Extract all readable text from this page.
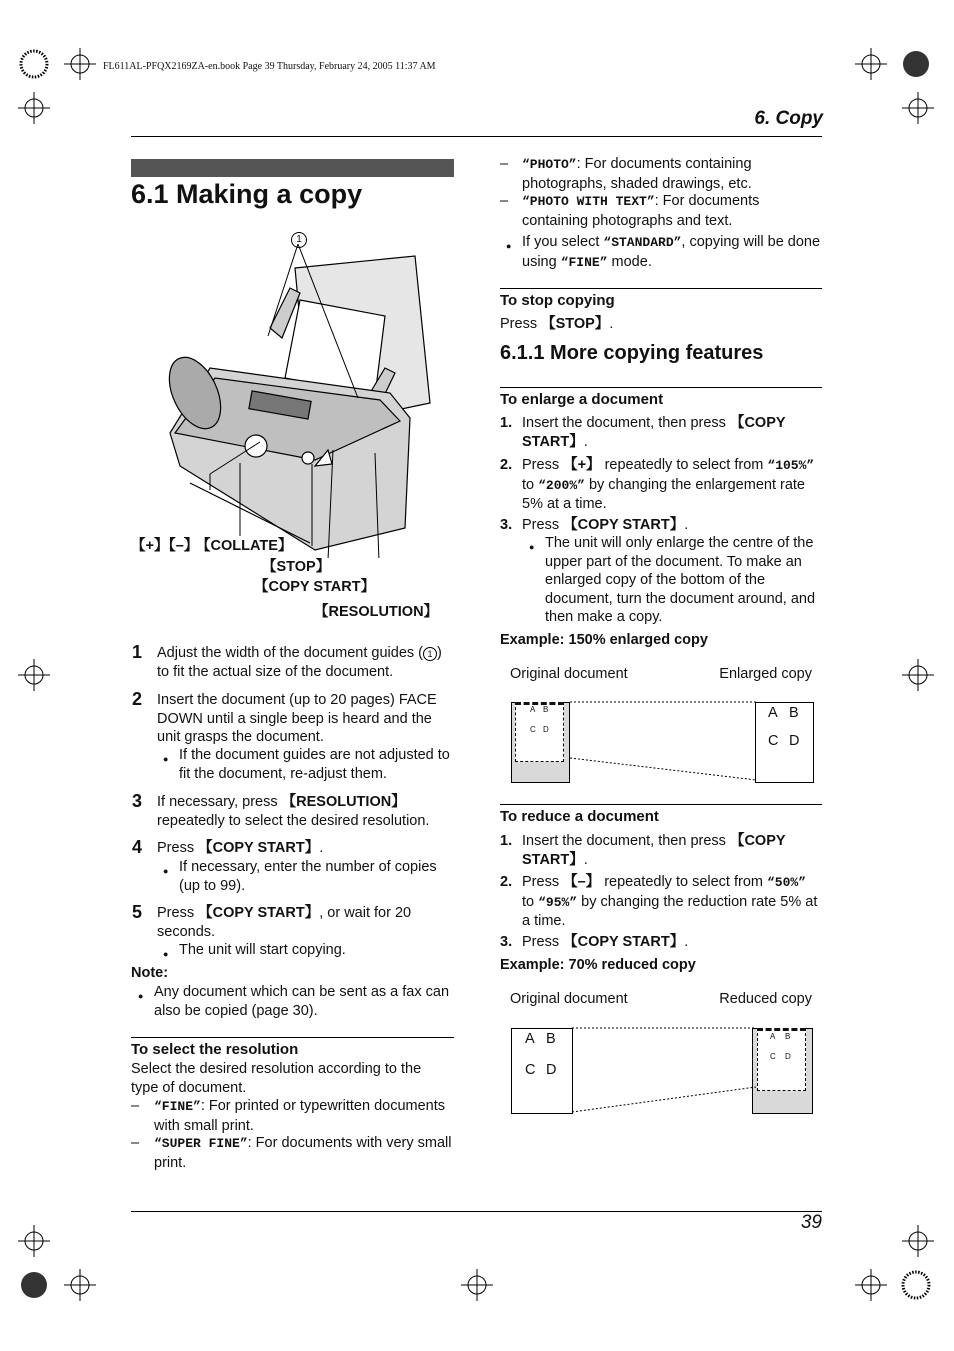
FL611AL-PFQX2169ZA-en.book Page 39 Thursday, February 24, 2005 11:37 AM
6. Copy
6.1 Making a copy
1
【+】【–】
【COLLATE】
【STOP】
【COPY START】
【RESOLUTION】
1 Adjust the width of the document guides ( 1 ) to fit the actual size of the document.
2 Insert the document (up to 20 pages) FACE DOWN until a single beep is heard and the unit grasps the document.
● If the document guides are not adjusted to fit the document, re-adjust them.
3 If necessary, press 【RESOLUTION】 repeatedly to select the desired resolution.
4 Press 【COPY START】.
● If necessary, enter the number of copies (up to 99).
5 Press 【COPY START】, or wait for 20 seconds.
● The unit will start copying.
Note:
● Any document which can be sent as a fax can also be copied (page 30).
To select the resolution
Select the desired resolution according to the type of document.
– “FINE”: For printed or typewritten documents with small print.
– “SUPER FINE”: For documents with very small print.
– “PHOTO”: For documents containing photographs, shaded drawings, etc.
– “PHOTO WITH TEXT”: For documents containing photographs and text.
● If you select “STANDARD”, copying will be done using “FINE” mode.
To stop copying
Press 【STOP】.
6.1.1 More copying features
To enlarge a document
1. Insert the document, then press 【COPY START】.
2. Press 【+】 repeatedly to select from “105%” to “200%” by changing the enlargement rate 5% at a time.
3. Press 【COPY START】.
● The unit will only enlarge the centre of the upper part of the document. To make an enlarged copy of the bottom of the document, turn the document around, and then make a copy.
Example: 150% enlarged copy
Original document	Enlarged copy
A B
C D
A B
C D
To reduce a document
1. Insert the document, then press 【COPY START】.
2. Press 【–】 repeatedly to select from “50%” to “95%” by changing the reduction rate 5% at a time.
3. Press 【COPY START】.
Example: 70% reduced copy
Original document	Reduced copy
A B
C D
A B
C D
39
